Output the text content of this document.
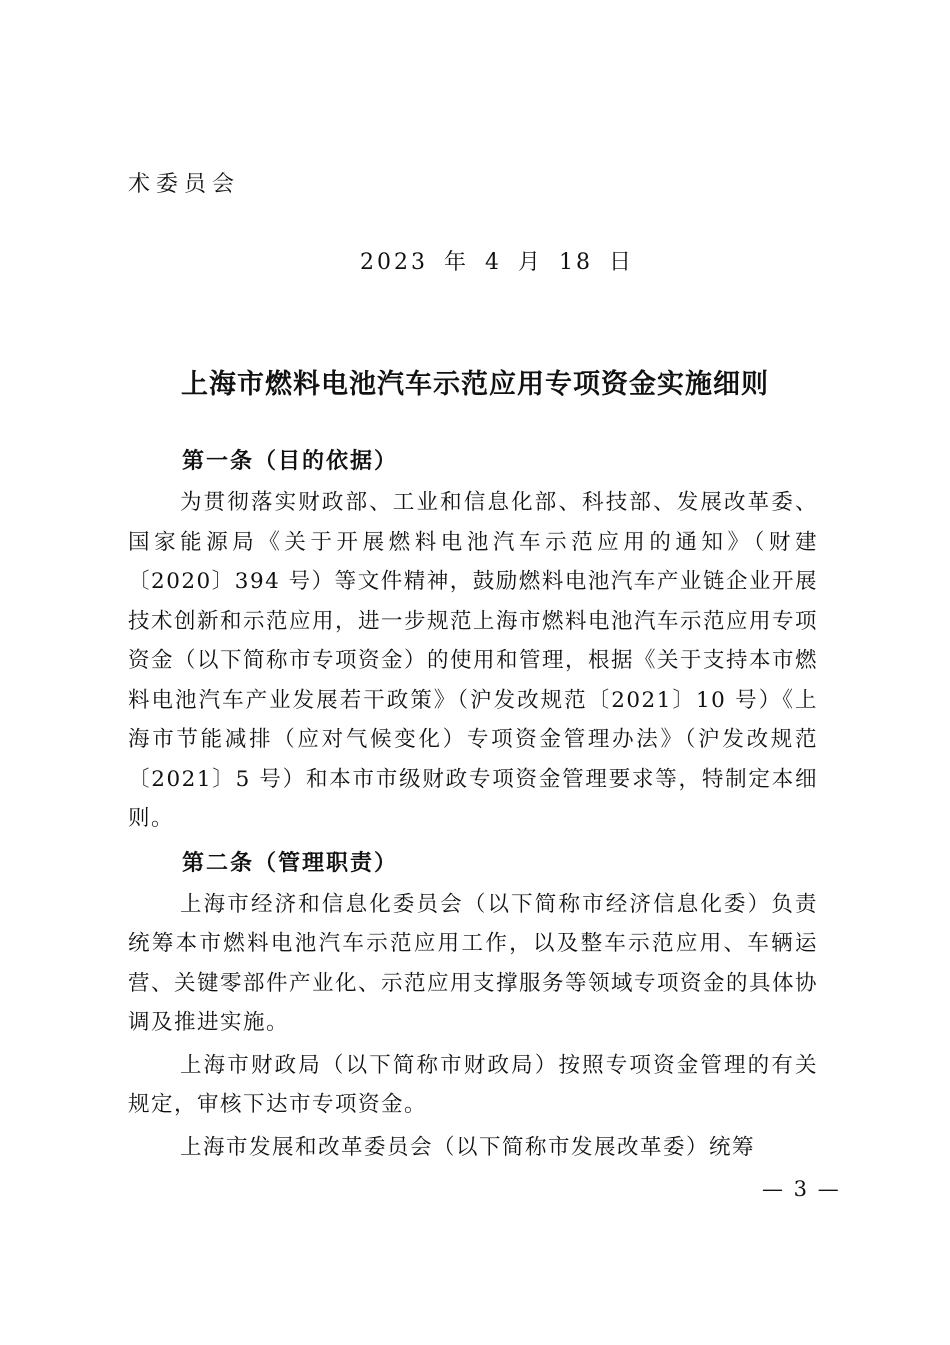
术委员会
2023 年 4 月 18 日
上海市燃料电池汽车示范应用专项资金实施细则
第一条（目的依据）

为贯彻落实财政部、工业和信息化部、科技部、发展改革委、国家能源局《关于开展燃料电池汽车示范应用的通知》（财建〔2020〕394 号）等文件精神，鼓励燃料电池汽车产业链企业开展技术创新和示范应用，进一步规范上海市燃料电池汽车示范应用专项资金（以下简称市专项资金）的使用和管理，根据《关于支持本市燃料电池汽车产业发展若干政策》（沪发改规范〔2021〕10 号）《上海市节能减排（应对气候变化）专项资金管理办法》（沪发改规范〔2021〕5 号）和本市市级财政专项资金管理要求等，特制定本细则。

第二条（管理职责）

上海市经济和信息化委员会（以下简称市经济信息化委）负责统筹本市燃料电池汽车示范应用工作，以及整车示范应用、车辆运营、关键零部件产业化、示范应用支撑服务等领域专项资金的具体协调及推进实施。

上海市财政局（以下简称市财政局）按照专项资金管理的有关规定，审核下达市专项资金。

上海市发展和改革委员会（以下简称市发展改革委）统筹

— 3 —
